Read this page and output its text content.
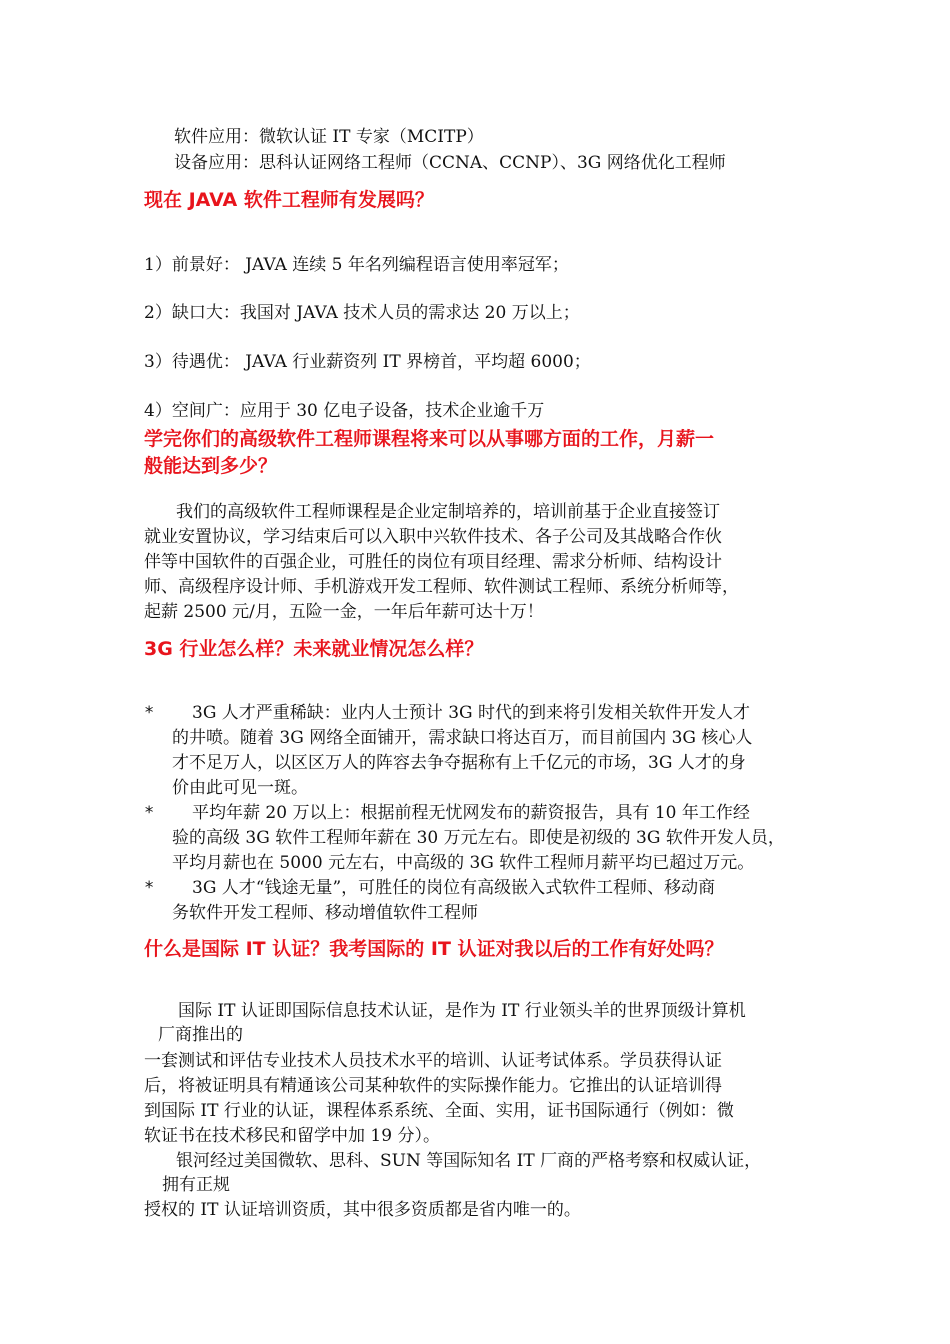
软件应用：微软认证 IT 专家（MCITP）
设备应用：思科认证网络工程师（CCNA、CCNP）、3G 网络优化工程师
现在 JAVA 软件工程师有发展吗？
1）前景好： JAVA 连续 5 年名列编程语言使用率冠军；
2）缺口大：我国对 JAVA 技术人员的需求达 20 万以上；
3）待遇优： JAVA 行业薪资列 IT 界榜首，平均超 6000；
4）空间广：应用于 30 亿电子设备，技术企业逾千万
学完你们的高级软件工程师课程将来可以从事哪方面的工作，月薪一
般能达到多少？
我们的高级软件工程师课程是企业定制培养的，培训前基于企业直接签订
就业安置协议，学习结束后可以入职中兴软件技术、各子公司及其战略合作伙
伴等中国软件的百强企业，可胜任的岗位有项目经理、需求分析师、结构设计
师、高级程序设计师、手机游戏开发工程师、软件测试工程师、系统分析师等，
起薪 2500 元/月，五险一金，一年后年薪可达十万！
3G 行业怎么样？未来就业情况怎么样？
* 3G 人才严重稀缺：业内人士预计 3G 时代的到来将引发相关软件开发人才
的井喷。随着 3G 网络全面铺开，需求缺口将达百万，而目前国内 3G 核心人
才不足万人，以区区万人的阵容去争夺据称有上千亿元的市场，3G 人才的身
价由此可见一斑。
* 平均年薪 20 万以上：根据前程无忧网发布的薪资报告，具有 10 年工作经
验的高级 3G 软件工程师年薪在 30 万元左右。即使是初级的 3G 软件开发人员，
平均月薪也在 5000 元左右，中高级的 3G 软件工程师月薪平均已超过万元。
* 3G 人才“钱途无量”，可胜任的岗位有高级嵌入式软件工程师、移动商
务软件开发工程师、移动增值软件工程师
什么是国际 IT 认证？我考国际的 IT 认证对我以后的工作有好处吗？
国际 IT 认证即国际信息技术认证，是作为 IT 行业领头羊的世界顶级计算机
厂商推出的
一套测试和评估专业技术人员技术水平的培训、认证考试体系。学员获得认证
后，将被证明具有精通该公司某种软件的实际操作能力。它推出的认证培训得
到国际 IT 行业的认证，课程体系系统、全面、实用，证书国际通行（例如：微
软证书在技术移民和留学中加 19 分）。
银河经过美国微软、思科、SUN 等国际知名 IT 厂商的严格考察和权威认证，
拥有正规
授权的 IT 认证培训资质，其中很多资质都是省内唯一的。
